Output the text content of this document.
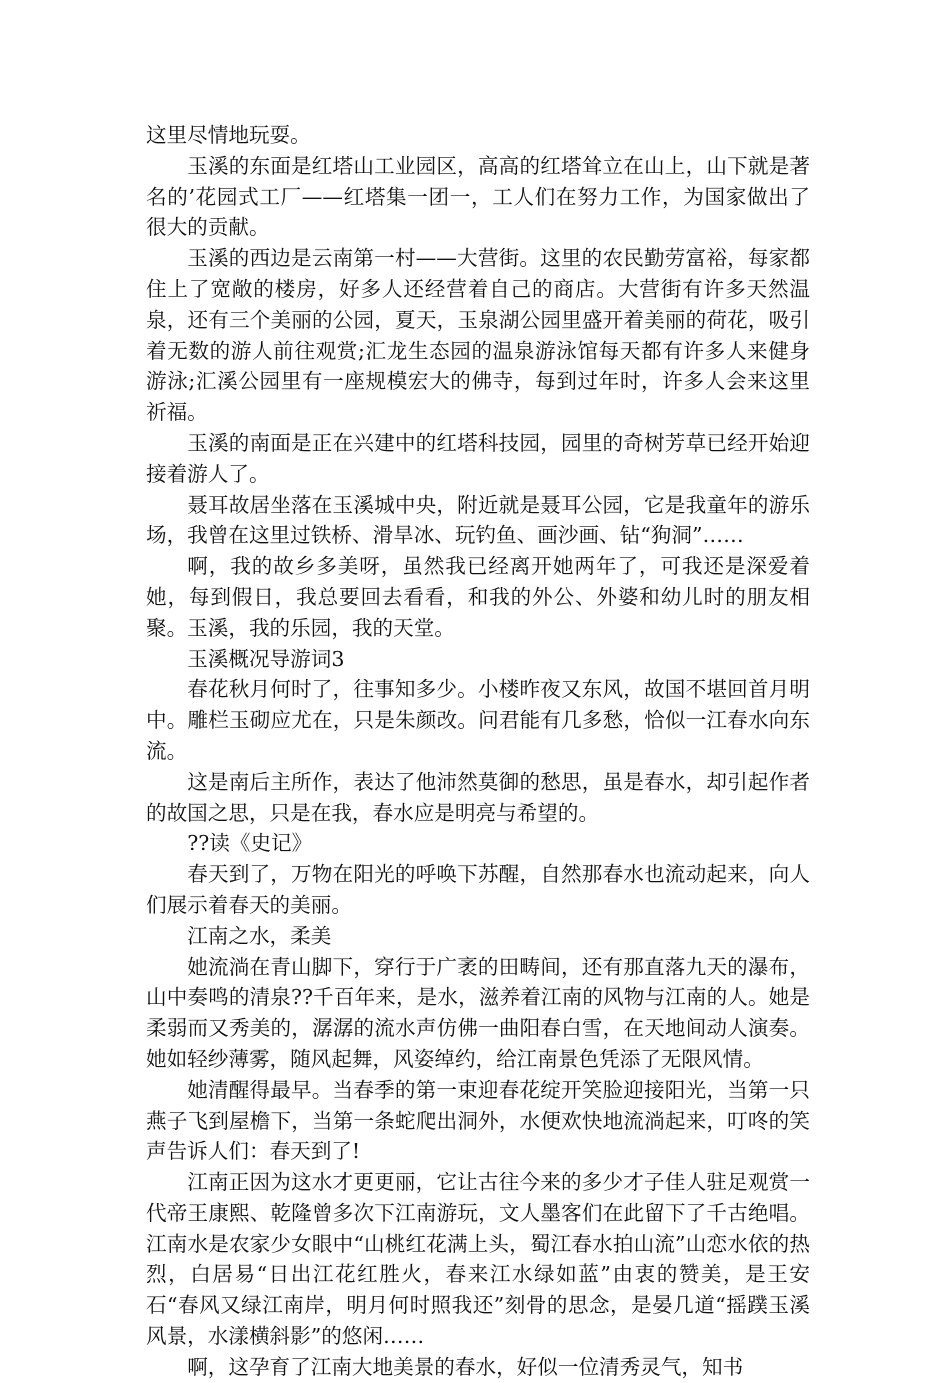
这里尽情地玩耍。

玉溪的东面是红塔山工业园区，高高的红塔耸立在山上，山下就是著名的’花园式工厂——红塔集一团一，工人们在努力工作，为国家做出了很大的贡献。

玉溪的西边是云南第一村——大营街。这里的农民勤劳富裕，每家都住上了宽敞的楼房，好多人还经营着自己的商店。大营街有许多天然温泉，还有三个美丽的公园，夏天，玉泉湖公园里盛开着美丽的荷花，吸引着无数的游人前往观赏;汇龙生态园的温泉游泳馆每天都有许多人来健身游泳;汇溪公园里有一座规模宏大的佛寺，每到过年时，许多人会来这里祈福。

玉溪的南面是正在兴建中的红塔科技园，园里的奇树芳草已经开始迎接着游人了。

聂耳故居坐落在玉溪城中央，附近就是聂耳公园，它是我童年的游乐场，我曾在这里过铁桥、滑旱冰、玩钓鱼、画沙画、钻“狗洞”……

啊，我的故乡多美呀，虽然我已经离开她两年了，可我还是深爱着她，每到假日，我总要回去看看，和我的外公、外婆和幼儿时的朋友相聚。玉溪，我的乐园，我的天堂。

玉溪概况导游词3

春花秋月何时了，往事知多少。小楼昨夜又东风，故国不堪回首月明中。雕栏玉砌应尤在，只是朱颜改。问君能有几多愁，恰似一江春水向东流。

这是南后主所作，表达了他沛然莫御的愁思，虽是春水，却引起作者的故国之思，只是在我，春水应是明亮与希望的。

??读《史记》

春天到了，万物在阳光的呼唤下苏醒，自然那春水也流动起来，向人们展示着春天的美丽。

江南之水，柔美

她流淌在青山脚下，穿行于广袤的田畴间，还有那直落九天的瀑布，山中奏鸣的清泉??千百年来，是水，滋养着江南的风物与江南的人。她是柔弱而又秀美的，潺潺的流水声仿佛一曲阳春白雪，在天地间动人演奏。她如轻纱薄雾，随风起舞，风姿绰约，给江南景色凭添了无限风情。

她清醒得最早。当春季的第一束迎春花绽开笑脸迎接阳光，当第一只燕子飞到屋檐下，当第一条蛇爬出洞外，水便欢快地流淌起来，叮咚的笑声告诉人们：春天到了!

江南正因为这水才更更丽，它让古往今来的多少才子佳人驻足观赏一代帝王康熙、乾隆曾多次下江南游玩，文人墨客们在此留下了千古绝唱。江南水是农家少女眼中“山桃红花满上头，蜀江春水拍山流”山恋水依的热烈，白居易“日出江花红胜火，春来江水绿如蓝”由衷的赞美，是王安石“春风又绿江南岸，明月何时照我还”刻骨的思念，是晏几道“摇蹼玉溪风景，水漾横斜影”的悠闲……

啊，这孕育了江南大地美景的春水，好似一位清秀灵气，知书
